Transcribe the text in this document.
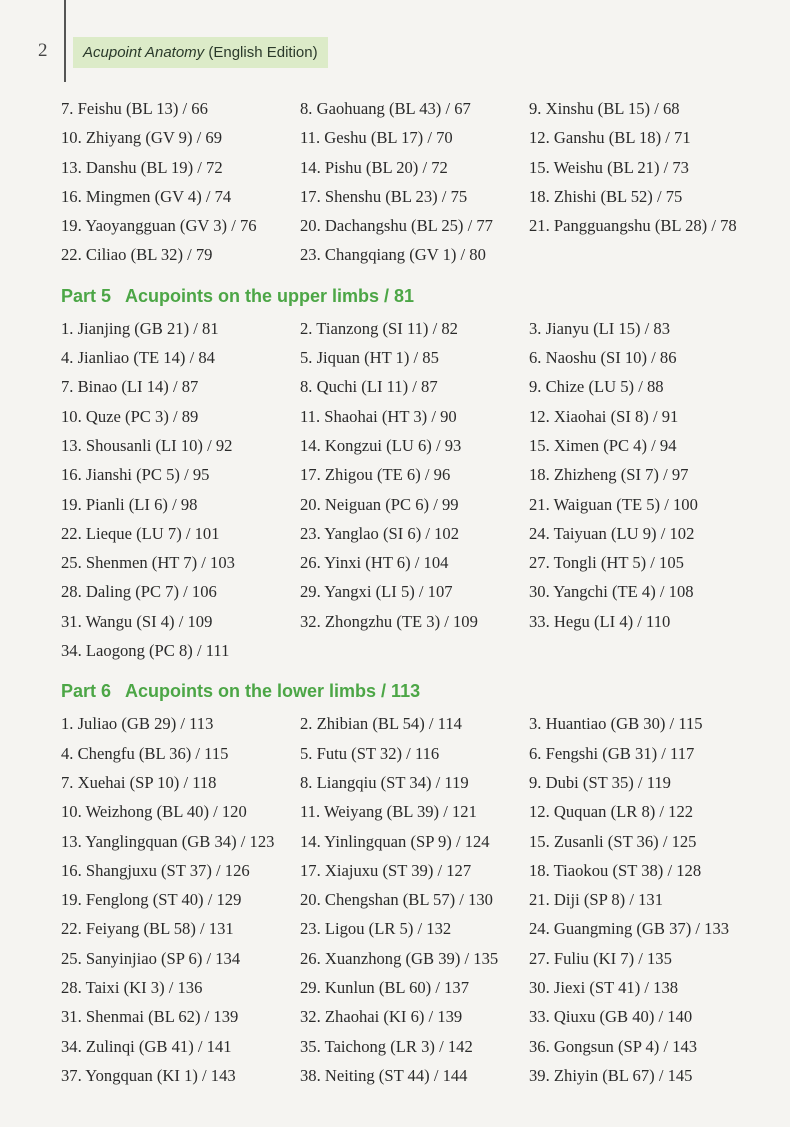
2	Acupoint Anatomy (English Edition)
7. Feishu (BL 13) / 66	8. Gaohuang (BL 43) / 67	9. Xinshu (BL 15) / 68
10. Zhiyang (GV 9) / 69	11. Geshu (BL 17) / 70	12. Ganshu (BL 18) / 71
13. Danshu (BL 19) / 72	14. Pishu (BL 20) / 72	15. Weishu (BL 21) / 73
16. Mingmen (GV 4) / 74	17. Shenshu (BL 23) / 75	18. Zhishi (BL 52) / 75
19. Yaoyangguan (GV 3) / 76	20. Dachangshu (BL 25) / 77 21. Pangguangshu (BL 28) / 78
22. Ciliao (BL 32) / 79	23. Changqiang (GV 1) / 80
Part 5 Acupoints on the upper limbs / 81
1. Jianjing (GB 21) / 81	2. Tianzong (SI 11) / 82	3. Jianyu (LI 15) / 83
4. Jianliao (TE 14) / 84	5. Jiquan (HT 1) / 85	6. Naoshu (SI 10) / 86
7. Binao (LI 14) / 87	8. Quchi (LI 11) / 87	9. Chize (LU 5) / 88
10. Quze (PC 3) / 89	11. Shaohai (HT 3) / 90	12. Xiaohai (SI 8) / 91
13. Shousanli (LI 10) / 92	14. Kongzui (LU 6) / 93	15. Ximen (PC 4) / 94
16. Jianshi (PC 5) / 95	17. Zhigou (TE 6) / 96	18. Zhizheng (SI 7) / 97
19. Pianli (LI 6) / 98	20. Neiguan (PC 6) / 99	21. Waiguan (TE 5) / 100
22. Lieque (LU 7) / 101	23. Yanglao (SI 6) / 102	24. Taiyuan (LU 9) / 102
25. Shenmen (HT 7) / 103	26. Yinxi (HT 6) / 104	27. Tongli (HT 5) / 105
28. Daling (PC 7) / 106	29. Yangxi (LI 5) / 107	30. Yangchi (TE 4) / 108
31. Wangu (SI 4) / 109	32. Zhongzhu (TE 3) / 109	33. Hegu (LI 4) / 110
34. Laogong (PC 8) / 111
Part 6 Acupoints on the lower limbs / 113
1. Juliao (GB 29) / 113	2. Zhibian (BL 54) / 114	3. Huantiao (GB 30) / 115
4. Chengfu (BL 36) / 115	5. Futu (ST 32) / 116	6. Fengshi (GB 31) / 117
7. Xuehai (SP 10) / 118	8. Liangqiu (ST 34) / 119	9. Dubi (ST 35) / 119
10. Weizhong (BL 40) / 120	11. Weiyang (BL 39) / 121	12. Ququan (LR 8) / 122
13. Yanglingquan (GB 34) / 123 14. Yinlingquan (SP 9) / 124 15. Zusanli (ST 36) / 125
16. Shangjuxu (ST 37) / 126	17. Xiajuxu (ST 39) / 127	18. Tiaokou (ST 38) / 128
19. Fenglong (ST 40) / 129	20. Chengshan (BL 57) / 130 21. Diji (SP 8) / 131
22. Feiyang (BL 58) / 131	23. Ligou (LR 5) / 132	24. Guangming (GB 37) / 133
25. Sanyinjiao (SP 6) / 134	26. Xuanzhong (GB 39) / 135 27. Fuliu (KI 7) / 135
28. Taixi (KI 3) / 136	29. Kunlun (BL 60) / 137	30. Jiexi (ST 41) / 138
31. Shenmai (BL 62) / 139	32. Zhaohai (KI 6) / 139	33. Qiuxu (GB 40) / 140
34. Zulinqi (GB 41) / 141	35. Taichong (LR 3) / 142	36. Gongsun (SP 4) / 143
37. Yongquan (KI 1) / 143	38. Neiting (ST 44) / 144	39. Zhiyin (BL 67) / 145
